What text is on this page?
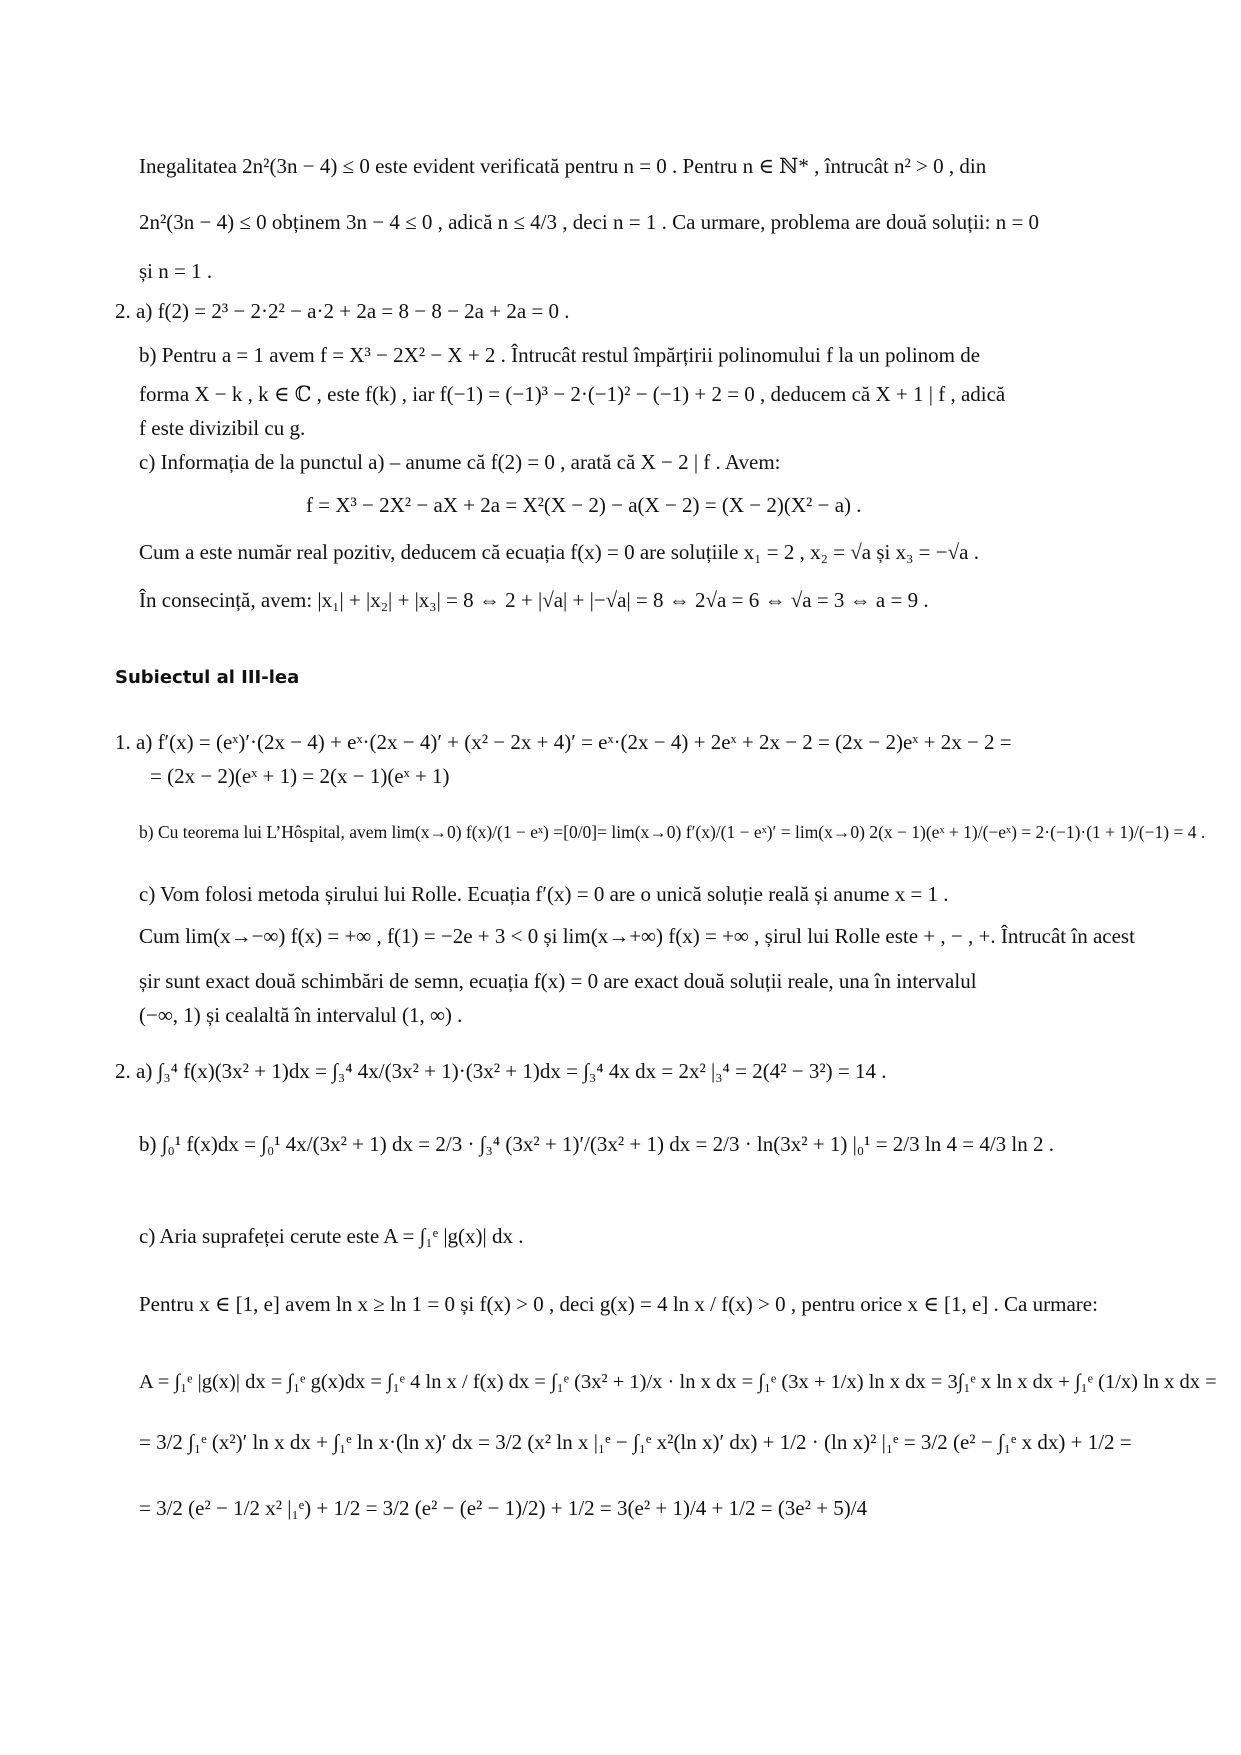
Inegalitatea 2n²(3n − 4) ≤ 0 este evident verificată pentru n = 0 . Pentru n ∈ ℕ* , întrucât n² > 0 , din
2n²(3n − 4) ≤ 0 obținem 3n − 4 ≤ 0 , adică n ≤ 4/3 , deci n = 1 . Ca urmare, problema are două soluții: n = 0
și n = 1 .
2. a) f(2) = 2³ − 2·2² − a·2 + 2a = 8 − 8 − 2a + 2a = 0 .
b) Pentru a = 1 avem f = X³ − 2X² − X + 2 . Întrucât restul împărțirii polinomului f la un polinom de
forma X − k , k ∈ ℂ , este f(k) , iar f(−1) = (−1)³ − 2·(−1)² − (−1) + 2 = 0 , deducem că X + 1 | f , adică
f este divizibil cu g.
c) Informația de la punctul a) – anume că f(2) = 0 , arată că X − 2 | f . Avem:
f = X³ − 2X² − aX + 2a = X²(X − 2) − a(X − 2) = (X − 2)(X² − a) .
Cum a este număr real pozitiv, deducem că ecuația f(x) = 0 are soluțiile x₁ = 2 , x₂ = √a și x₃ = −√a .
În consecință, avem: |x₁| + |x₂| + |x₃| = 8 ⇔ 2 + |√a| + |−√a| = 8 ⇔ 2√a = 6 ⇔ √a = 3 ⇔ a = 9 .
Subiectul al III-lea
1. a) f′(x) = (eˣ)′·(2x − 4) + eˣ·(2x − 4)′ + (x² − 2x + 4)′ = eˣ·(2x − 4) + 2eˣ + 2x − 2 = (2x − 2)eˣ + 2x − 2 =
= (2x − 2)(eˣ + 1) = 2(x − 1)(eˣ + 1)
b) Cu teorema lui L’Hôspital, avem lim(x→0) f(x)/(1 − eˣ) =[0/0]= lim(x→0) f′(x)/(1 − eˣ)′ = lim(x→0) 2(x − 1)(eˣ + 1)/(−eˣ) = 2·(−1)·(1 + 1)/(−1) = 4 .
c) Vom folosi metoda șirului lui Rolle. Ecuația f′(x) = 0 are o unică soluție reală și anume x = 1 .
Cum lim(x→−∞) f(x) = +∞ , f(1) = −2e + 3 < 0 și lim(x→+∞) f(x) = +∞ , șirul lui Rolle este + , − , +. Întrucât în acest
șir sunt exact două schimbări de semn, ecuația f(x) = 0 are exact două soluții reale, una în intervalul
(−∞, 1) și cealaltă în intervalul (1, ∞) .
2. a) ∫₃⁴ f(x)(3x² + 1)dx = ∫₃⁴ 4x/(3x² + 1)·(3x² + 1)dx = ∫₃⁴ 4x dx = 2x² |₃⁴ = 2(4² − 3²) = 14 .
b) ∫₀¹ f(x)dx = ∫₀¹ 4x/(3x² + 1) dx = 2/3 · ∫₃⁴ (3x² + 1)′/(3x² + 1) dx = 2/3 · ln(3x² + 1) |₀¹ = 2/3 ln 4 = 4/3 ln 2 .
c) Aria suprafeței cerute este A = ∫₁ᵉ |g(x)| dx .
Pentru x ∈ [1, e] avem ln x ≥ ln 1 = 0 și f(x) > 0 , deci g(x) = 4 ln x / f(x) > 0 , pentru orice x ∈ [1, e] . Ca urmare:
A = ∫₁ᵉ |g(x)| dx = ∫₁ᵉ g(x)dx = ∫₁ᵉ 4 ln x / f(x) dx = ∫₁ᵉ (3x² + 1)/x · ln x dx = ∫₁ᵉ (3x + 1/x) ln x dx = 3∫₁ᵉ x ln x dx + ∫₁ᵉ (1/x) ln x dx =
= 3/2 ∫₁ᵉ (x²)′ ln x dx + ∫₁ᵉ ln x·(ln x)′ dx = 3/2 (x² ln x |₁ᵉ − ∫₁ᵉ x²(ln x)′ dx) + 1/2 · (ln x)² |₁ᵉ = 3/2 (e² − ∫₁ᵉ x dx) + 1/2 =
= 3/2 (e² − 1/2 x² |₁ᵉ) + 1/2 = 3/2 (e² − (e² − 1)/2) + 1/2 = 3(e² + 1)/4 + 1/2 = (3e² + 5)/4
